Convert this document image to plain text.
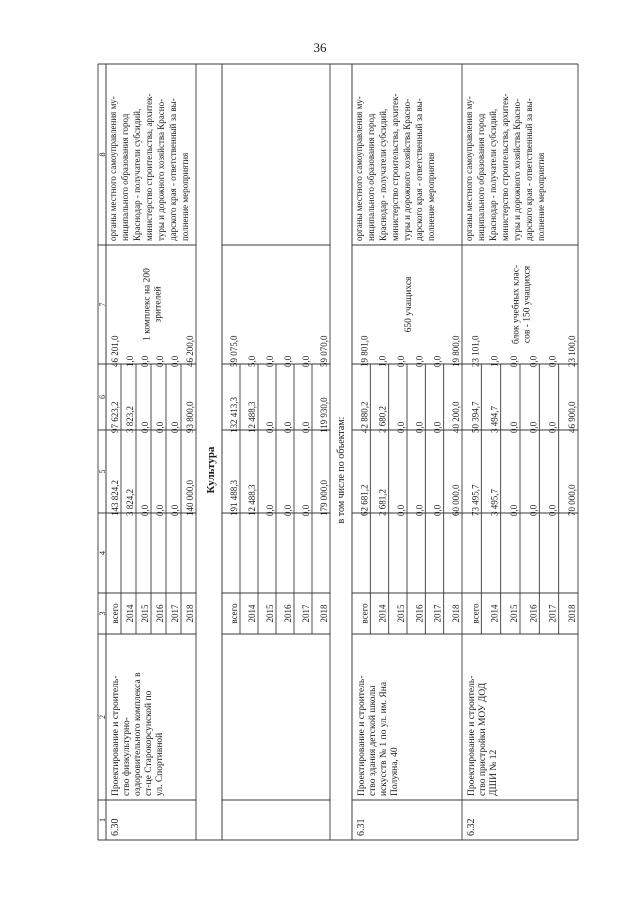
36
1
2
3
4
5
6
7
8
Культура	в том числе по объектам:
всего 2014 2015 2016 2017 2018
143 824,2 3 824,2 0,0 0,0 0,0 140 000,0
97 623,2 3 823,2 0,0 0,0 0,0 93 800,0
46 201,0 1,0 0,0 0,0 0,0 46 200,0
6.30
Проектирование и строитель- ство физкультурно- оздоровительного комплекса в ст-це Старокорсунской по ул. Спортивной
1 комплекс на 200 зрителей
органы местного самоуправления му- ниципального образования город Краснодар - получатели субсидий, министерство строительства, архитек- туры и дорожного хозяйства Красно- дарского края - ответственный за вы- полнение мероприятия
всего 2014 2015 2016 2017 2018
191 488,3 12 488,3 0,0 0,0 0,0 179 000,0
132 413,3 12 488,3 0,0 0,0 0,0 119 930,0
59 075,0 5,0 0,0 0,0 0,0 59 070,0
всего 2014 2015 2016 2017 2018
62 681,2 2 681,2 0,0 0,0 0,0 60 000,0
42 880,2 2 680,2 0,0 0,0 0,0 40 200,0
19 801,0 1,0 0,0 0,0 0,0 19 800,0
6.31
Проектирование и строитель- ство здания детской школы искусств № 1 по ул. им. Яна Полуяна, 40
650 учащихся
органы местного самоуправления му- ниципального образования город Краснодар - получатели субсидий, министерство строительства, архитек- туры и дорожного хозяйства Красно- дарского края - ответственный за вы- полнение мероприятия
всего 2014 2015 2016 2017 2018
73 495,7 3 495,7 0,0 0,0 0,0 70 000,0
50 394,7 3 494,7 0,0 0,0 0,0 46 900,0
23 101,0 1,0 0,0 0,0 0,0 23 100,0
6.32
Проектирование и строитель- ство пристройки МОУ ДОД ДШИ № 12
блок учебных клас- сов - 150 учащихся
органы местного самоуправления му- ниципального образования город Краснодар - получатели субсидий, министерство строительства, архитек- туры и дорожного хозяйства Красно- дарского края - ответственный за вы- полнение мероприятия
